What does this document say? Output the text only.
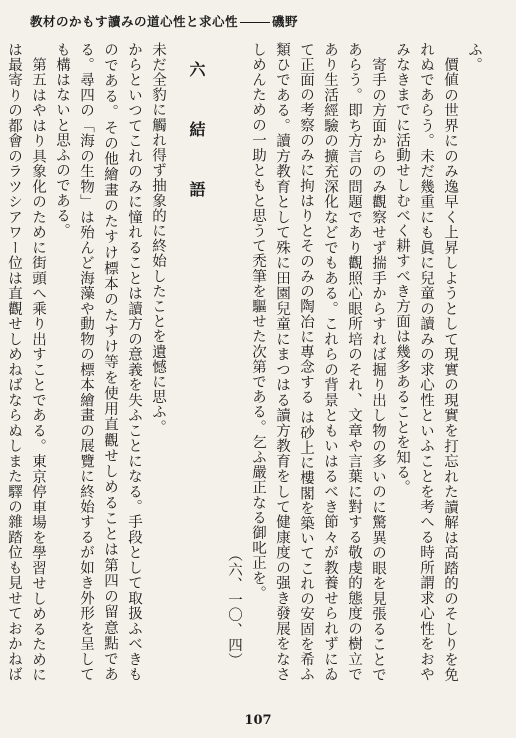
教材のかもす讀みの道心性と求心性	磯野

ふ。

價値の世界にのみ逸早く上昇しようとして現實の現實を打忘れた讀解は高踏的のそしりを免れぬであらう。未だ幾重にも眞に兒童の讀みの求心性といふことを考へる時所謂求心性をおやみなきまでに活動せしむべく耕すべき方面は幾多あることを知る。

寄手の方面からのみ觀察せず揣手からすれば掘り出し物の多いのに驚異の眼を見張ることであらう。即ち方言の問題であり觀照心眼所培のそれ、文章や言葉に對する敬虔的態度の樹立であり生活經驗の擴充深化などでもある。これらの背景ともいはるべき節々が教養せられずにゐて正面の考察のみに拘はりとそのみの陶冶に專念する は砂上に樓閣を築いてこれの安固を希ふ類ひである。讀方教育として殊に田園兒童にまつはる讀方教育をして健康度の强き發展をなさしめんための一助ともと思うて禿筆を驅せた次第である。乞ふ嚴正なる御叱正を。

（六、一〇、四）

六　結　語

未だ全豹に觸れ得ず抽象的に終始したことを遺憾に思ふ。

からといつてこれのみに憧れることは讀方の意義を失ふことになる。手段として取扱ふべきものである。その他繪畫のたすけ標本のたすけ等を使用直觀せしめることは第四の留意點である。尋四の「海の生物」は殆んど海藻や動物の標本繪畫の展覽に終始するが如き外形を呈しても構はないと思ふのである。

第五はやはり具象化のために街頭へ乘り出すことである。東京停車場を學習せしめるためには最寄りの都會のラツシアワー位は直觀せしめねばならぬしまた驛の雜踏位も見せておかねば

107
